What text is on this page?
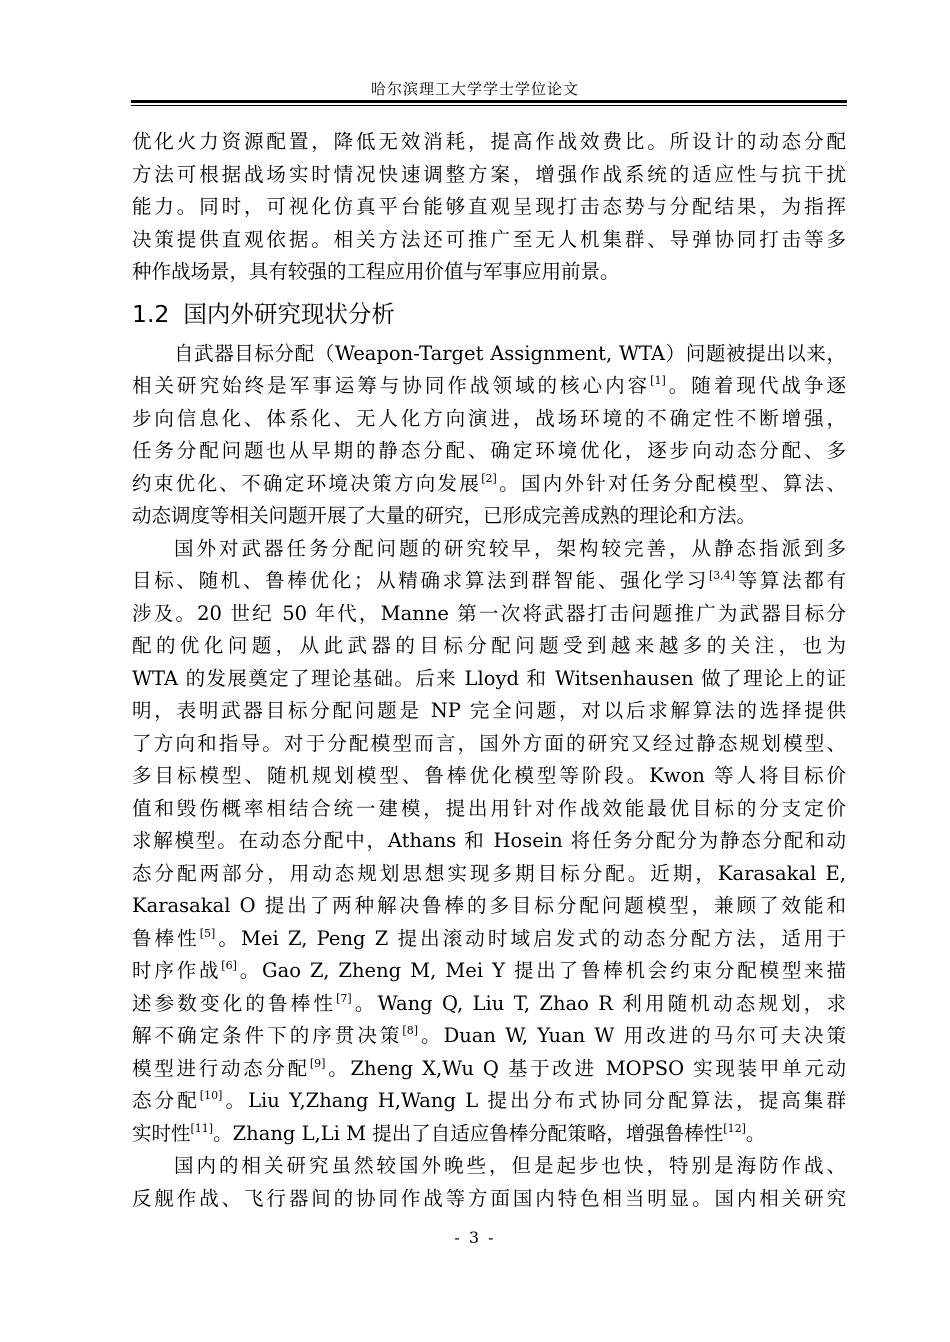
哈尔滨理工大学学士学位论文
优化火力资源配置，降低无效消耗，提高作战效费比。所设计的动态分配
方法可根据战场实时情况快速调整方案，增强作战系统的适应性与抗干扰
能力。同时，可视化仿真平台能够直观呈现打击态势与分配结果，为指挥
决策提供直观依据。相关方法还可推广至无人机集群、导弹协同打击等多
种作战场景，具有较强的工程应用价值与军事应用前景。
1.2 国内外研究现状分析
自武器目标分配（Weapon-Target Assignment, WTA）问题被提出以来，
相关研究始终是军事运筹与协同作战领域的核心内容[1]。随着现代战争逐
步向信息化、体系化、无人化方向演进，战场环境的不确定性不断增强，
任务分配问题也从早期的静态分配、确定环境优化，逐步向动态分配、多
约束优化、不确定环境决策方向发展[2]。国内外针对任务分配模型、算法、
动态调度等相关问题开展了大量的研究，已形成完善成熟的理论和方法。
国外对武器任务分配问题的研究较早，架构较完善，从静态指派到多
目标、随机、鲁棒优化；从精确求算法到群智能、强化学习[3,4]等算法都有
涉及。20 世纪 50 年代，Manne 第一次将武器打击问题推广为武器目标分
配的优化问题，从此武器的目标分配问题受到越来越多的关注，也为
WTA 的发展奠定了理论基础。后来 Lloyd 和 Witsenhausen 做了理论上的证
明，表明武器目标分配问题是 NP 完全问题，对以后求解算法的选择提供
了方向和指导。对于分配模型而言，国外方面的研究又经过静态规划模型、
多目标模型、随机规划模型、鲁棒优化模型等阶段。Kwon 等人将目标价
值和毁伤概率相结合统一建模，提出用针对作战效能最优目标的分支定价
求解模型。在动态分配中，Athans 和 Hosein 将任务分配分为静态分配和动
态分配两部分，用动态规划思想实现多期目标分配。近期，Karasakal E,
Karasakal O 提出了两种解决鲁棒的多目标分配问题模型，兼顾了效能和
鲁棒性[5]。Mei Z, Peng Z 提出滚动时域启发式的动态分配方法，适用于
时序作战[6]。Gao Z, Zheng M, Mei Y 提出了鲁棒机会约束分配模型来描
述参数变化的鲁棒性[7]。Wang Q, Liu T, Zhao R 利用随机动态规划，求
解不确定条件下的序贯决策[8]。Duan W, Yuan W 用改进的马尔可夫决策
模型进行动态分配[9]。Zheng X,Wu Q 基于改进 MOPSO 实现装甲单元动
态分配[10]。Liu Y,Zhang H,Wang L 提出分布式协同分配算法，提高集群
实时性[11]。Zhang L,Li M 提出了自适应鲁棒分配策略，增强鲁棒性[12]。
国内的相关研究虽然较国外晚些，但是起步也快，特别是海防作战、
反舰作战、飞行器间的协同作战等方面国内特色相当明显。国内相关研究
- 3 -
